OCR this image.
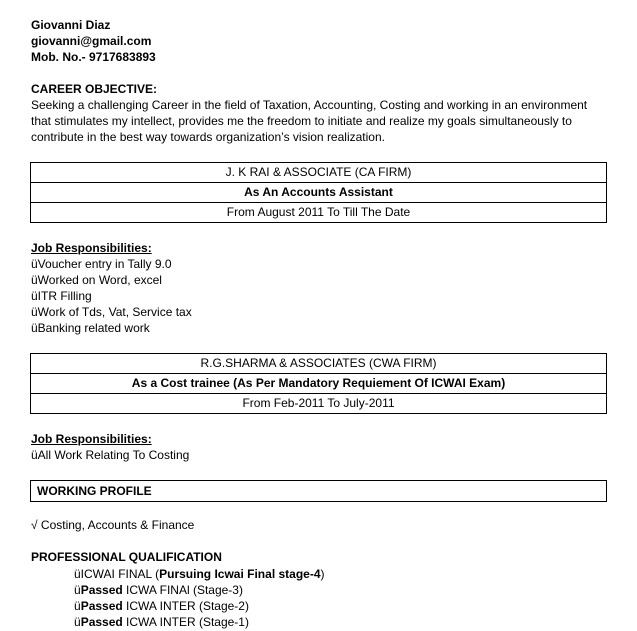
Giovanni Diaz
giovanni@gmail.com
Mob. No.- 9717683893
CAREER OBJECTIVE:
Seeking a challenging Career in the field of Taxation, Accounting, Costing and working in an environment
that stimulates my intellect, provides me the freedom to initiate and realize my goals simultaneously to
contribute in the best way towards organization’s vision realization.
J. K RAI & ASSOCIATE (CA FIRM)
As An Accounts Assistant
From August 2011 To Till The Date
Job Responsibilities:
üVoucher entry in Tally 9.0
üWorked on Word, excel
üITR Filling
üWork of Tds, Vat, Service tax
üBanking related work
R.G.SHARMA & ASSOCIATES (CWA FIRM)
As a Cost trainee (As Per Mandatory Requiement Of ICWAI Exam)
From Feb-2011 To July-2011
Job Responsibilities:
üAll Work Relating To Costing
WORKING PROFILE
√ Costing, Accounts & Finance
PROFESSIONAL QUALIFICATION
üICWAI FINAL (Pursuing Icwai Final stage-4)
üPassed ICWA FINAl (Stage-3)
üPassed ICWA INTER (Stage-2)
üPassed ICWA INTER (Stage-1)
